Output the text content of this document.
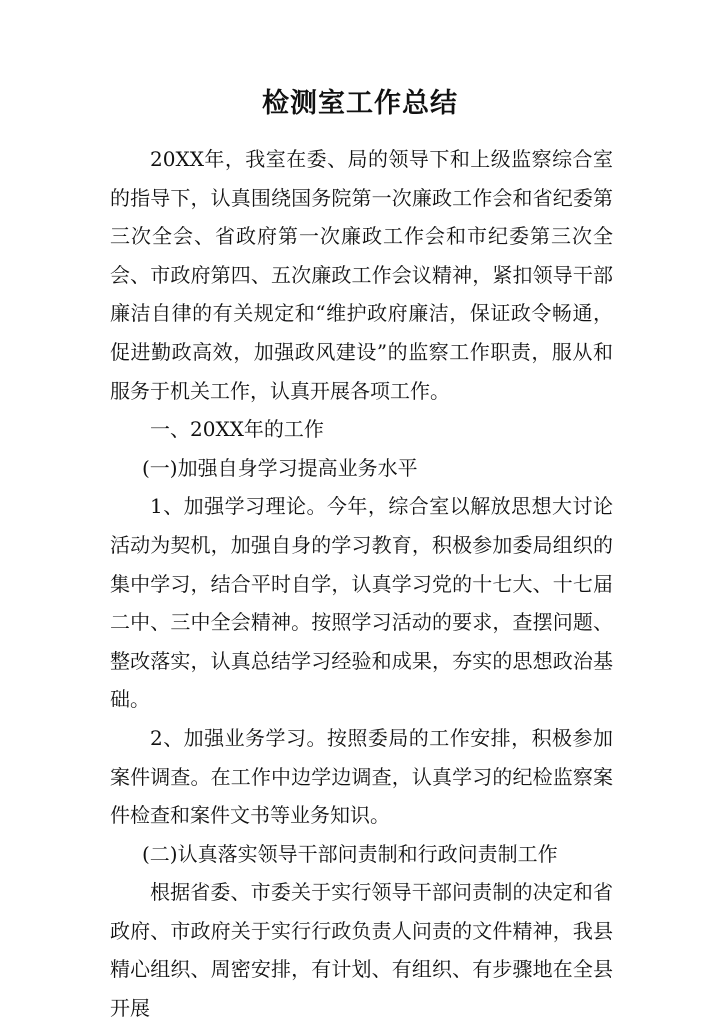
检测室工作总结

20XX年，我室在委、局的领导下和上级监察综合室的指导下，认真围绕国务院第一次廉政工作会和省纪委第三次全会、省政府第一次廉政工作会和市纪委第三次全会、市政府第四、五次廉政工作会议精神，紧扣领导干部廉洁自律的有关规定和“维护政府廉洁，保证政令畅通，促进勤政高效，加强政风建设”的监察工作职责，服从和服务于机关工作，认真开展各项工作。

一、20XX年的工作

(一)加强自身学习提高业务水平

1、加强学习理论。今年，综合室以解放思想大讨论活动为契机，加强自身的学习教育，积极参加委局组织的集中学习，结合平时自学，认真学习党的十七大、十七届二中、三中全会精神。按照学习活动的要求，查摆问题、整改落实，认真总结学习经验和成果，夯实的思想政治基础。

2、加强业务学习。按照委局的工作安排，积极参加案件调查。在工作中边学边调查，认真学习的纪检监察案件检查和案件文书等业务知识。

(二)认真落实领导干部问责制和行政问责制工作

根据省委、市委关于实行领导干部问责制的决定和省政府、市政府关于实行行政负责人问责的文件精神，我县精心组织、周密安排，有计划、有组织、有步骤地在全县开展
